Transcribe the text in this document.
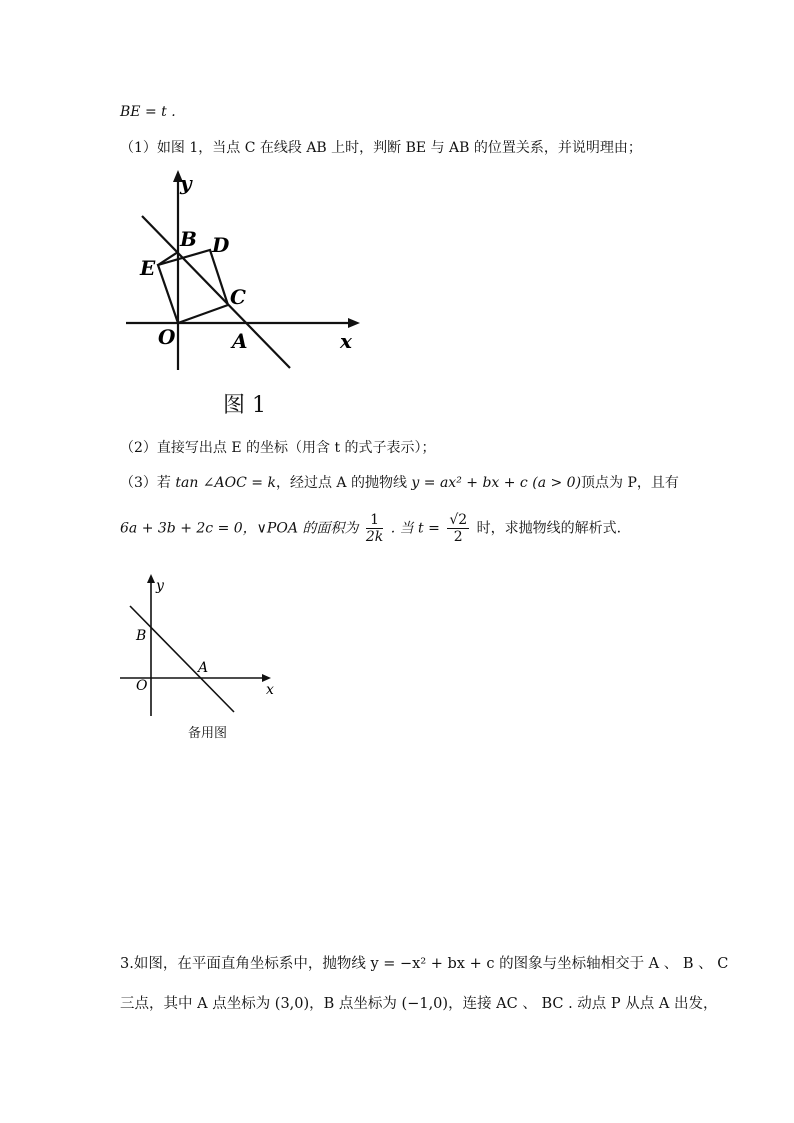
BE = t .
（1）如图 1，当点 C 在线段 AB 上时，判断 BE 与 AB 的位置关系，并说明理由；
y
x
O	A
B
C
D
E
图 1
（2）直接写出点 E 的坐标（用含 t 的式子表示）；
（3）若 tan ∠AOC = k，经过点 A 的抛物线 y = ax² + bx + c (a > 0)顶点为 P，且有
6a + 3b + 2c = 0，∨POA 的面积为 $\frac{1}{2k}$ . 当 $t = \frac{√2}{2}$ 时，求抛物线的解析式.
y
x
O
A
B
备用图
3.如图，在平面直角坐标系中，抛物线 y = −x² + bx + c 的图象与坐标轴相交于 A 、 B 、 C
三点，其中 A 点坐标为 (3,0)，B 点坐标为 (−1,0)，连接 AC 、 BC . 动点 P 从点 A 出发，
